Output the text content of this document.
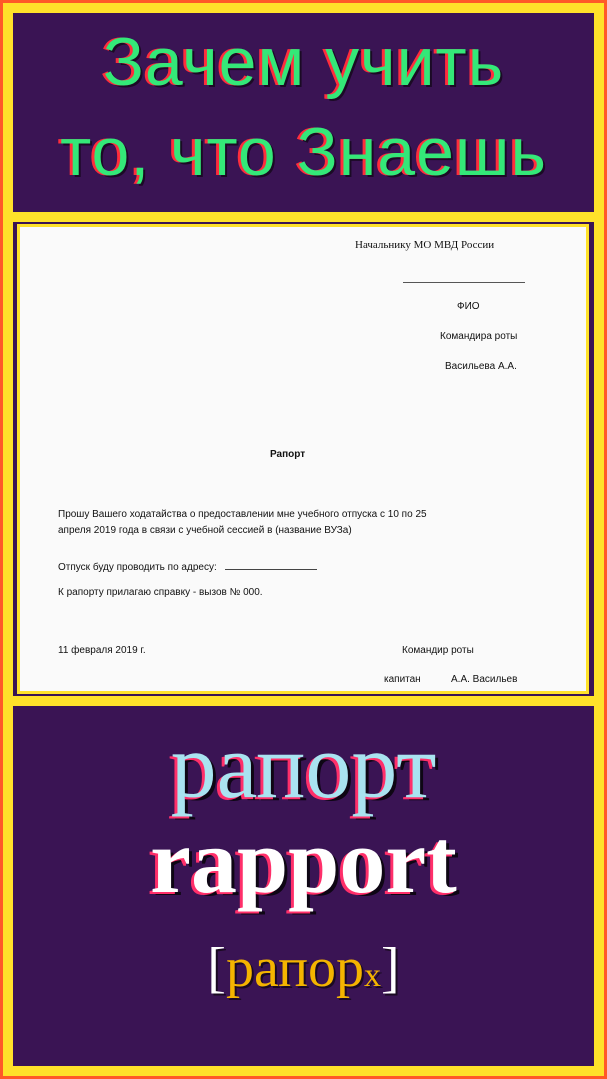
Зачем учить
то, что Знаешь
Начальнику МО МВД России
ФИО
Командира роты
Васильева А.А.
Рапорт
Прошу Вашего ходатайства о предоставлении мне учебного отпуска с 10 по 25
апреля 2019 года в связи с учебной сессией в (название ВУЗа)
Отпуск буду проводить по адресу:
К рапорту прилагаю справку - вызов № 000.
11 февраля 2019 г.	Командир роты
капитан	А.А. Васильев
рапорт
rapport
[рапорx]
